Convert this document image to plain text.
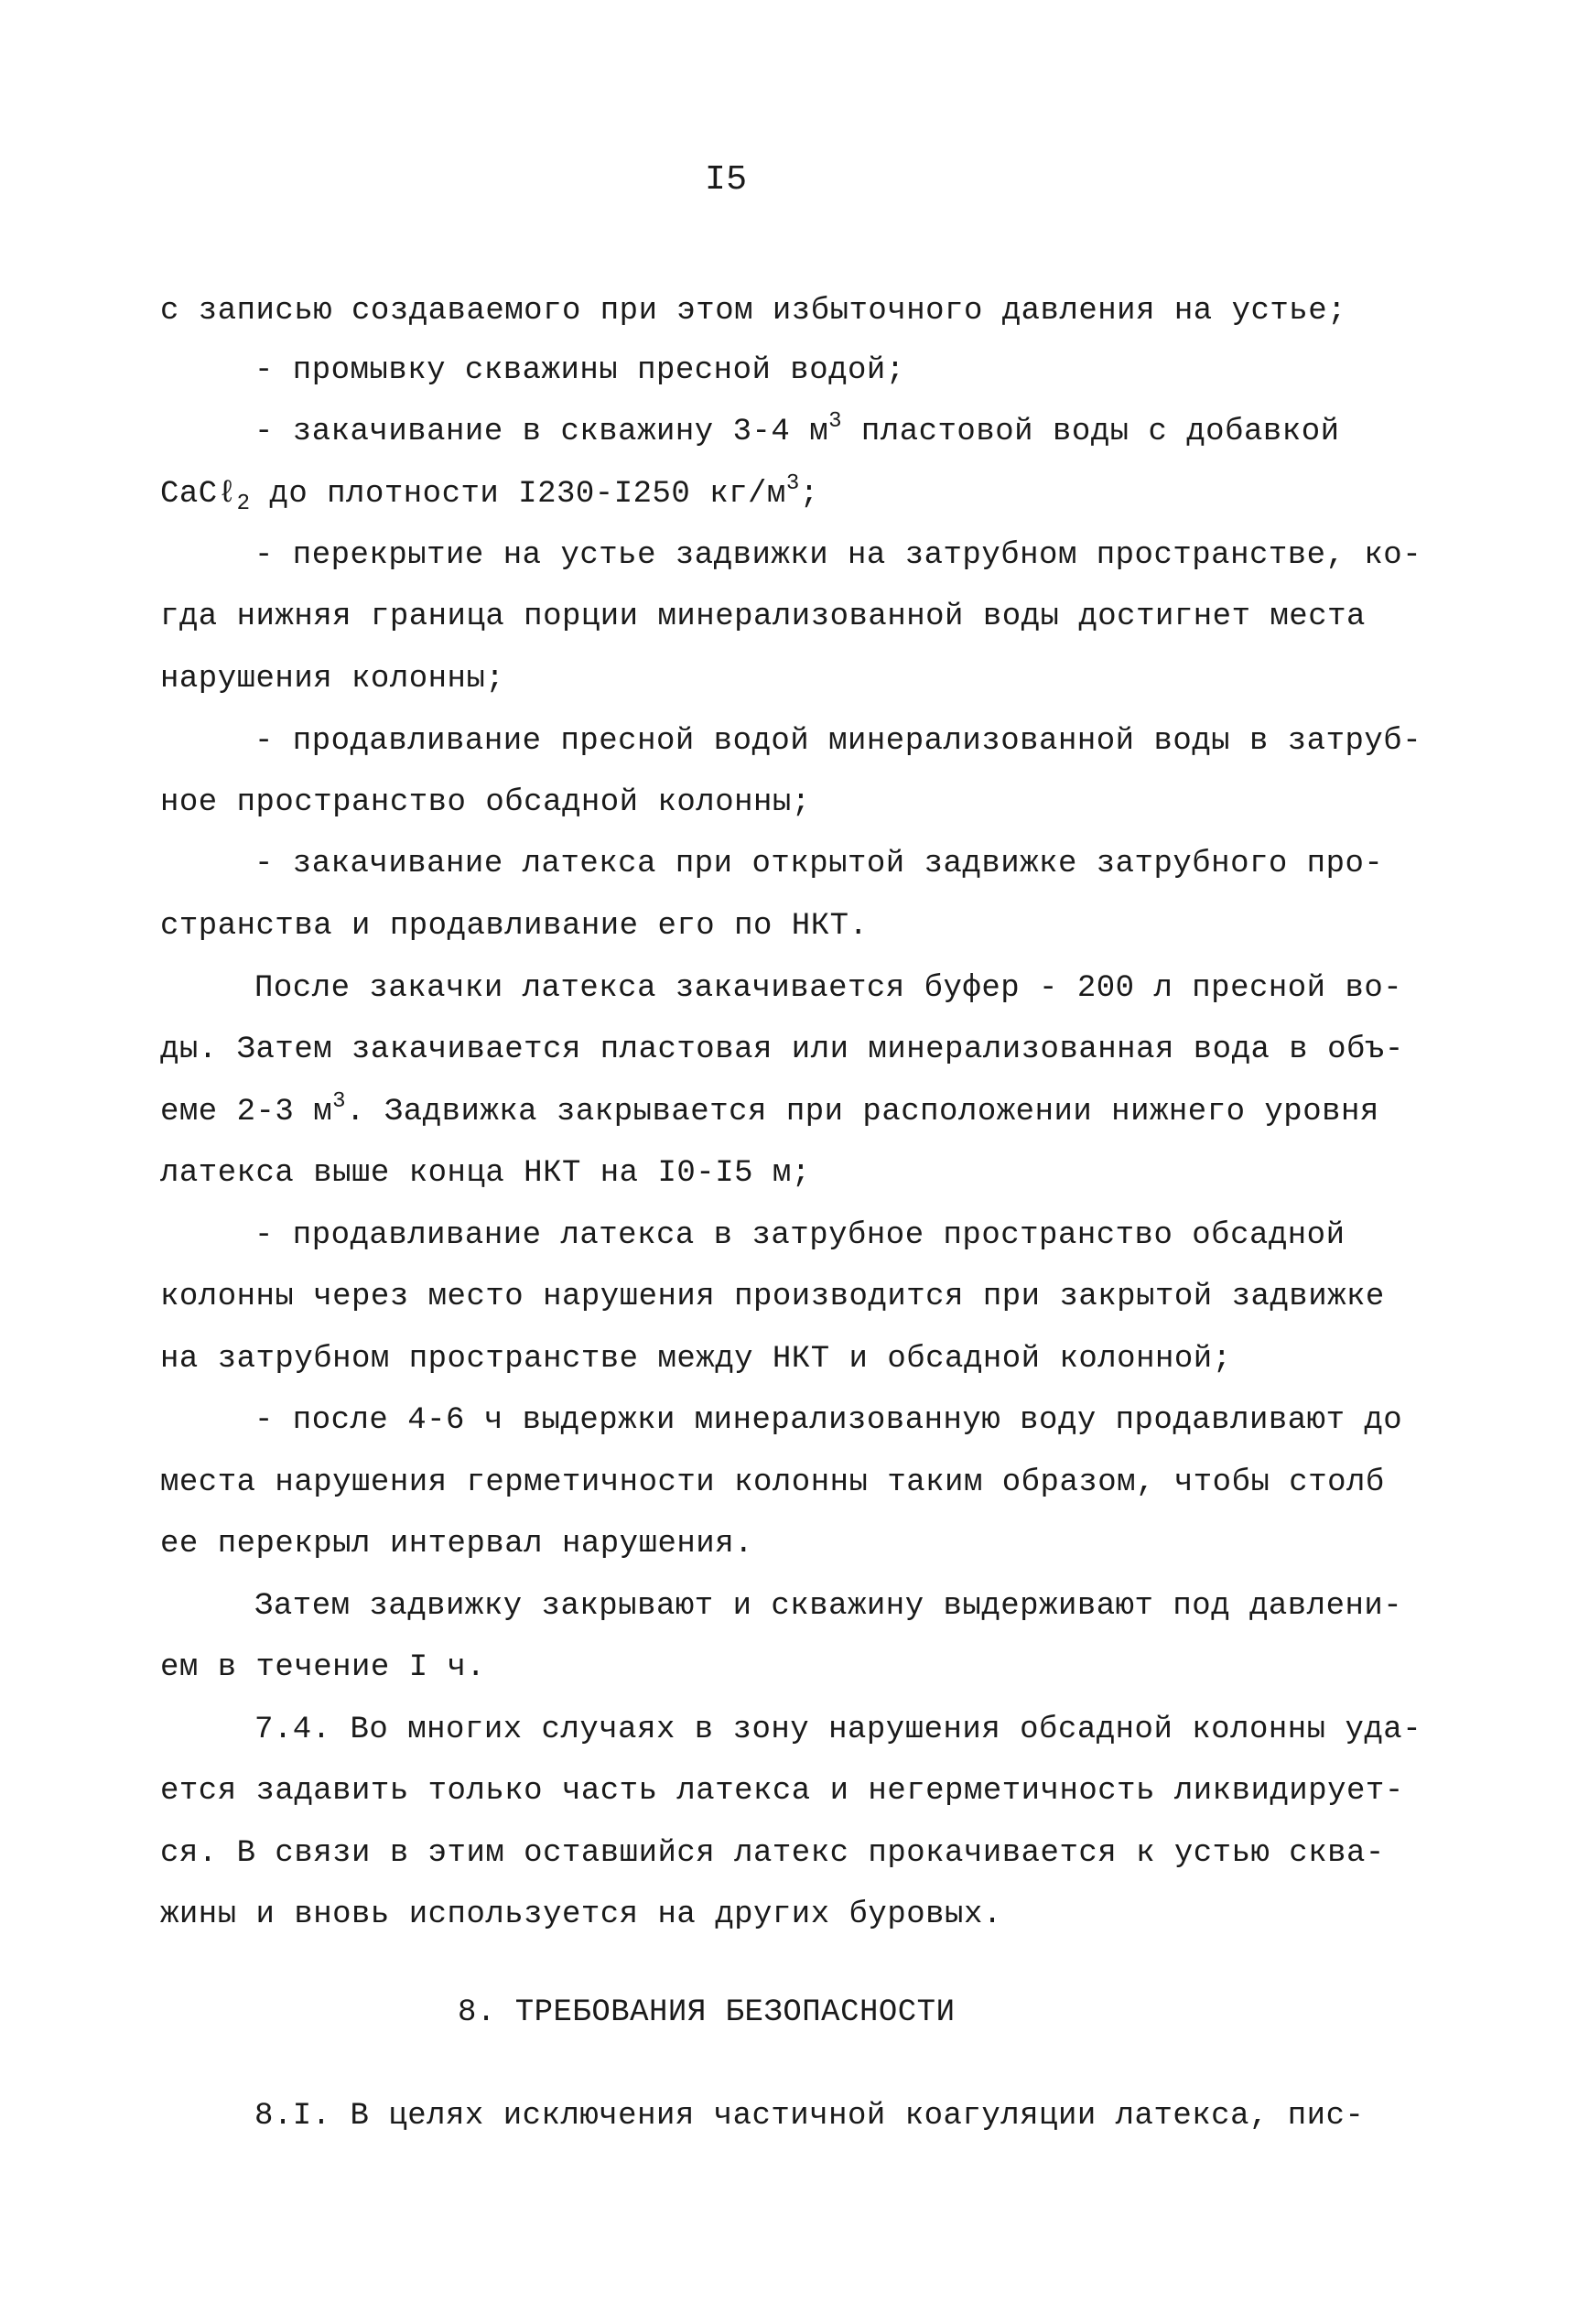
I5
с записью создаваемого при этом избыточного давления на устье;
- промывку скважины пресной водой;
- закачивание в скважину 3-4 $м^3$ пластовой воды с добавкой
CaCℓ$_2$ до плотности I230-I250 $кг/м^3$;
- перекрытие на устье задвижки на затрубном пространстве, ко-
гда нижняя граница порции минерализованной воды достигнет места
нарушения колонны;
- продавливание пресной водой минерализованной воды в затруб-
ное пространство обсадной колонны;
- закачивание латекса при открытой задвижке затрубного про-
странства и продавливание его по НКТ.
После закачки латекса закачивается буфер - 200 л пресной во-
ды. Затем закачивается пластовая или минерализованная вода в объ-
еме 2-3 $м^3$. Задвижка закрывается при расположении нижнего уровня
латекса выше конца НКТ на I0-I5 м;
- продавливание латекса в затрубное пространство обсадной
колонны через место нарушения производится при закрытой задвижке
на затрубном пространстве между НКТ и обсадной колонной;
- после 4-6 ч выдержки минерализованную воду продавливают до
места нарушения герметичности колонны таким образом, чтобы столб
ее перекрыл интервал нарушения.
Затем задвижку закрывают и скважину выдерживают под давлени-
ем в течение I ч.
7.4. Во многих случаях в зону нарушения обсадной колонны уда-
ется задавить только часть латекса и негерметичность ликвидирует-
ся. В связи в этим оставшийся латекс прокачивается к устью сква-
жины и вновь используется на других буровых.
8. ТРЕБОВАНИЯ БЕЗОПАСНОСТИ
8.I. В целях исключения частичной коагуляции латекса, пис-
